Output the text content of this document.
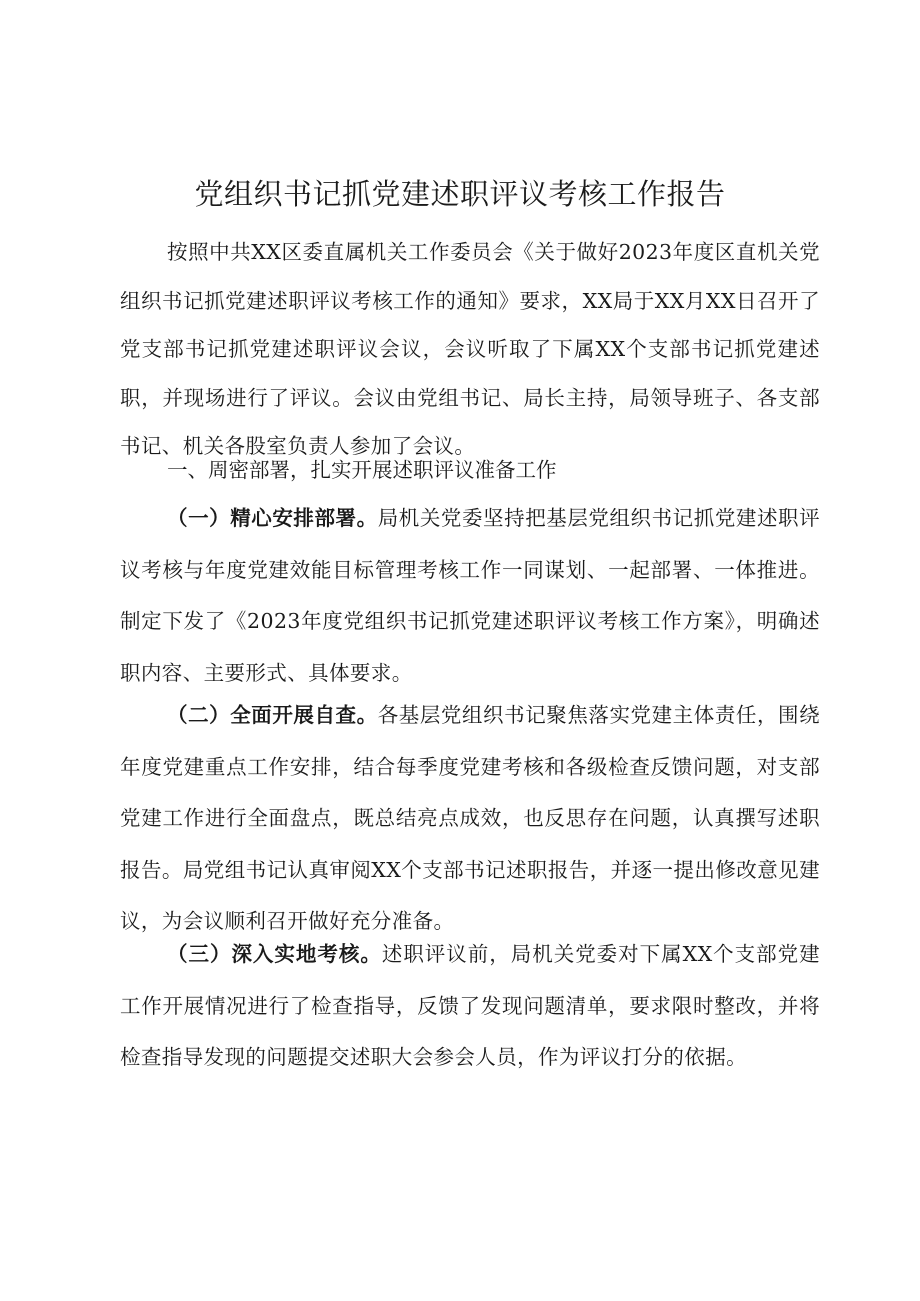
党组织书记抓党建述职评议考核工作报告

按照中共XX区委直属机关工作委员会《关于做好2023年度区直机关党组织书记抓党建述职评议考核工作的通知》要求，XX局于XX月XX日召开了党支部书记抓党建述职评议会议，会议听取了下属XX个支部书记抓党建述职，并现场进行了评议。会议由党组书记、局长主持，局领导班子、各支部书记、机关各股室负责人参加了会议。

一、周密部署，扎实开展述职评议准备工作

（一）精心安排部署。局机关党委坚持把基层党组织书记抓党建述职评议考核与年度党建效能目标管理考核工作一同谋划、一起部署、一体推进。制定下发了《2023年度党组织书记抓党建述职评议考核工作方案》，明确述职内容、主要形式、具体要求。

（二）全面开展自查。各基层党组织书记聚焦落实党建主体责任，围绕年度党建重点工作安排，结合每季度党建考核和各级检查反馈问题，对支部党建工作进行全面盘点，既总结亮点成效，也反思存在问题，认真撰写述职报告。局党组书记认真审阅XX个支部书记述职报告，并逐一提出修改意见建议，为会议顺利召开做好充分准备。

（三）深入实地考核。述职评议前，局机关党委对下属XX个支部党建工作开展情况进行了检查指导，反馈了发现问题清单，要求限时整改，并将检查指导发现的问题提交述职大会参会人员，作为评议打分的依据。
